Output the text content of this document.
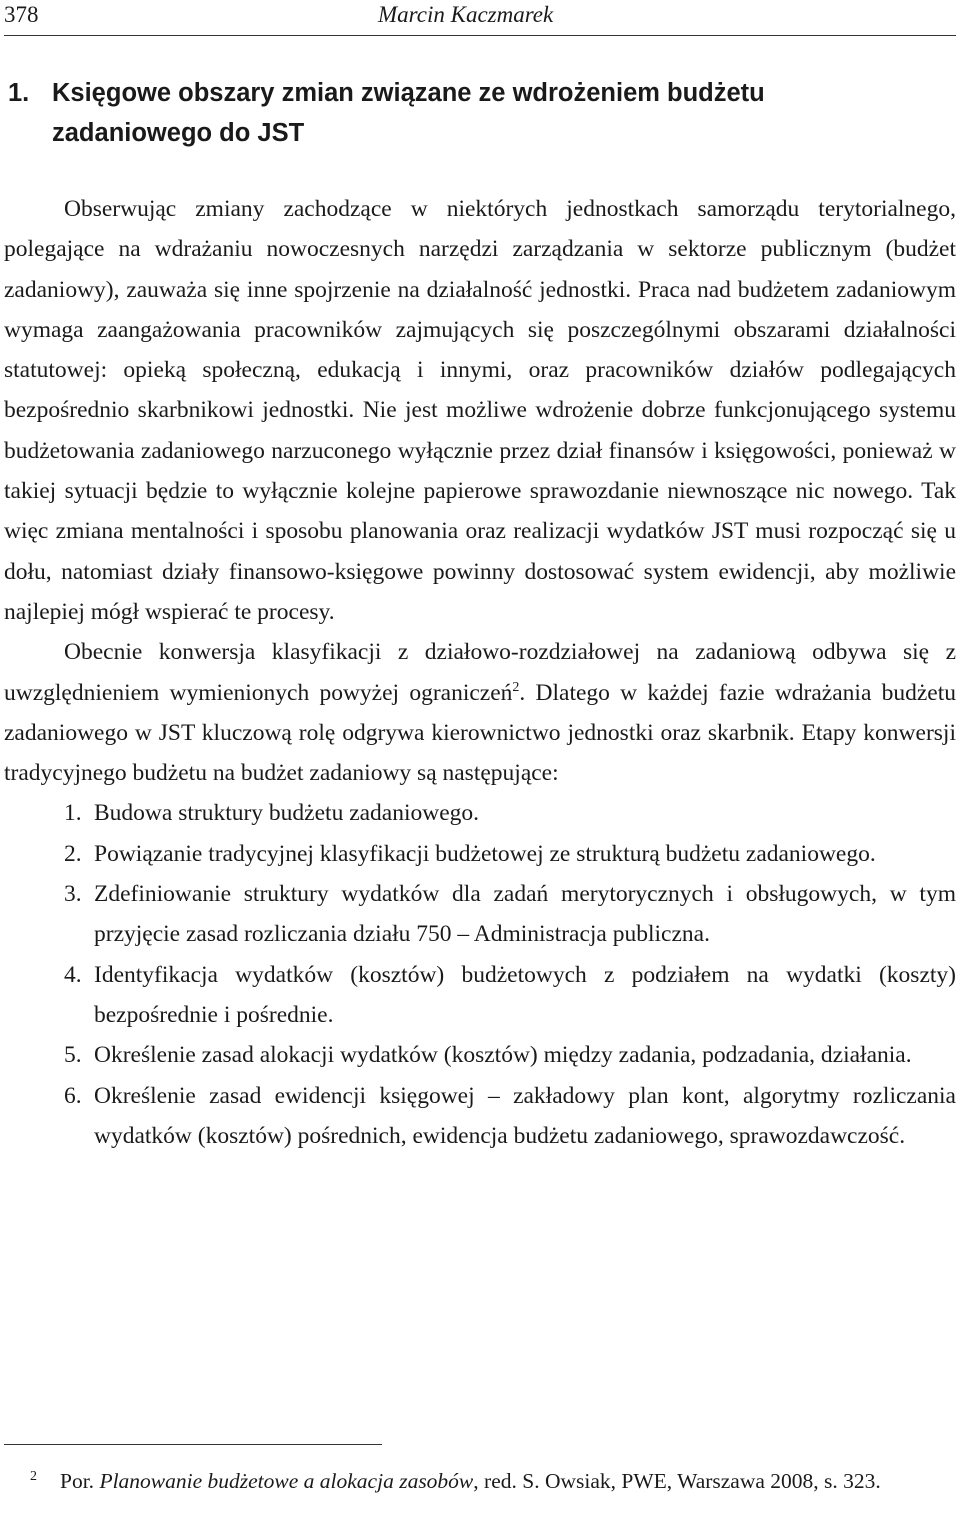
378	Marcin Kaczmarek
1. Księgowe obszary zmian związane ze wdrożeniem budżetu zadaniowego do JST

Obserwując zmiany zachodzące w niektórych jednostkach samorządu terytorialnego, polegające na wdrażaniu nowoczesnych narzędzi zarządzania w sektorze publicznym (budżet zadaniowy), zauważa się inne spojrzenie na działalność jednostki. Praca nad budżetem zadaniowym wymaga zaangażowania pracowników zajmujących się poszczególnymi obszarami działalności statutowej: opieką społeczną, edukacją i innymi, oraz pracowników działów podlegających bezpośrednio skarbnikowi jednostki. Nie jest możliwe wdrożenie dobrze funkcjonującego systemu budżetowania zadaniowego narzuconego wyłącznie przez dział finansów i księgowości, ponieważ w takiej sytuacji będzie to wyłącznie kolejne papierowe sprawozdanie niewnoszące nic nowego. Tak więc zmiana mentalności i sposobu planowania oraz realizacji wydatków JST musi rozpocząć się u dołu, natomiast działy finansowo-księgowe powinny dostosować system ewidencji, aby możliwie najlepiej mógł wspierać te procesy.

Obecnie konwersja klasyfikacji z działowo-rozdziałowej na zadaniową odbywa się z uwzględnieniem wymienionych powyżej ograniczeń$^2$. Dlatego w każdej fazie wdrażania budżetu zadaniowego w JST kluczową rolę odgrywa kierownictwo jednostki oraz skarbnik. Etapy konwersji tradycyjnego budżetu na budżet zadaniowy są następujące:

1. Budowa struktury budżetu zadaniowego.
2. Powiązanie tradycyjnej klasyfikacji budżetowej ze strukturą budżetu zadaniowego.
3. Zdefiniowanie struktury wydatków dla zadań merytorycznych i obsługowych, w tym przyjęcie zasad rozliczania działu 750 – Administracja publiczna.
4. Identyfikacja wydatków (kosztów) budżetowych z podziałem na wydatki (koszty) bezpośrednie i pośrednie.
5. Określenie zasad alokacji wydatków (kosztów) między zadania, podzadania, działania.
6. Określenie zasad ewidencji księgowej – zakładowy plan kont, algorytmy rozliczania wydatków (kosztów) pośrednich, ewidencja budżetu zadaniowego, sprawozdawczość.
2 Por. Planowanie budżetowe a alokacja zasobów, red. S. Owsiak, PWE, Warszawa 2008, s. 323.
